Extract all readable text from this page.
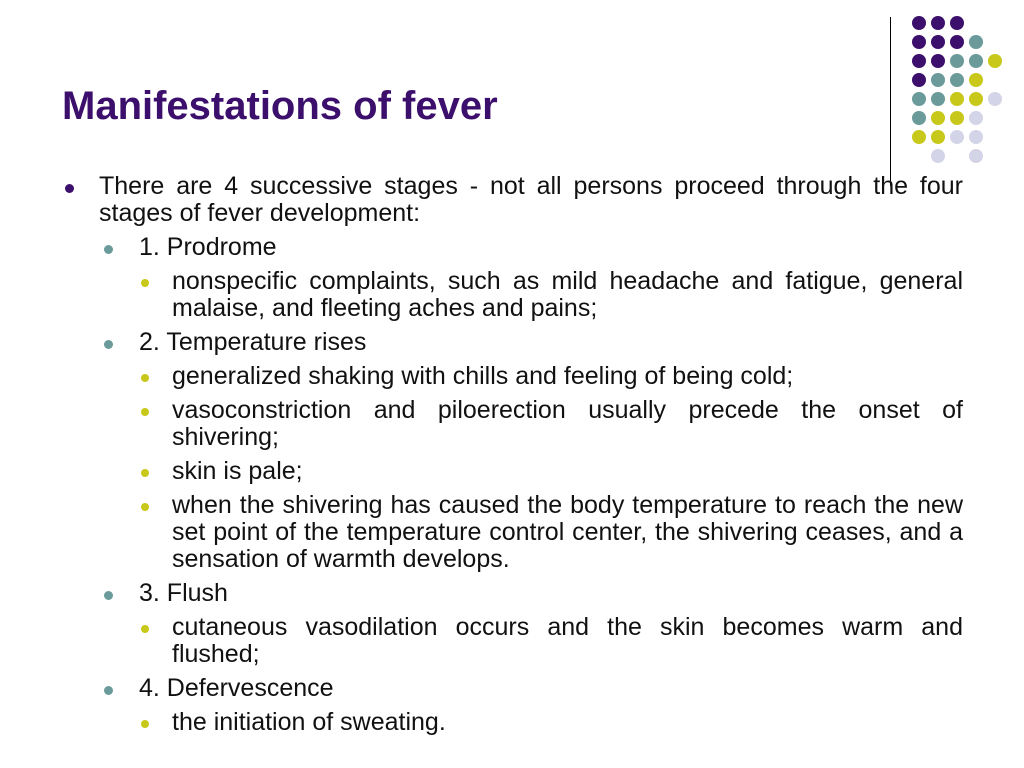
Manifestations of fever
There are 4 successive stages - not all persons proceed through the four stages of fever development:
1. Prodrome
nonspecific complaints, such as mild headache and fatigue, general malaise, and fleeting aches and pains;
2. Temperature rises
generalized shaking with chills and feeling of being cold;
vasoconstriction and piloerection usually precede the onset of shivering;
skin is pale;
when the shivering has caused the body temperature to reach the new set point of the temperature control center, the shivering ceases, and a sensation of warmth develops.
3. Flush
cutaneous vasodilation occurs and the skin becomes warm and flushed;
4. Defervescence
the initiation of sweating.
